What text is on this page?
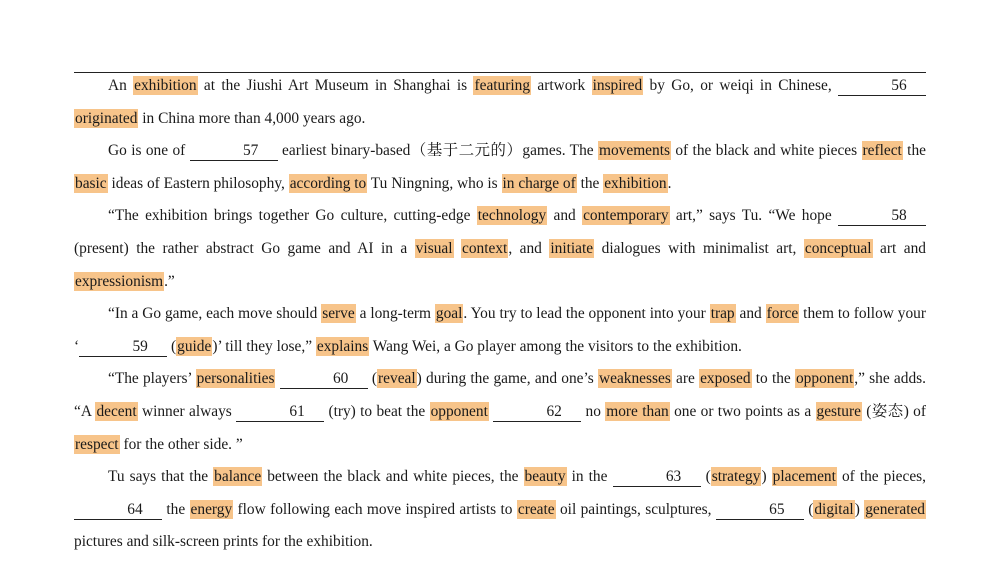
An exhibition at the Jiushi Art Museum in Shanghai is featuring artwork inspired by Go, or weiqi in Chinese,	56 originated in China more than 4,000 years ago.

Go is one of	57 earliest binary-based（基于二元的）games. The movements of the black and white pieces reflect the basic ideas of Eastern philosophy, according to Tu Ningning, who is in charge of the exhibition.

“The exhibition brings together Go culture, cutting-edge technology and contemporary art,” says Tu. “We hope	58 (present) the rather abstract Go game and AI in a visual context, and initiate dialogues with minimalist art, conceptual art and expressionism.”

“In a Go game, each move should serve a long-term goal. You try to lead the opponent into your trap and force them to follow your ‘	59 (guide)’ till they lose,” explains Wang Wei, a Go player among the visitors to the exhibition.

“The players’ personalities	60 (reveal) during the game, and one’s weaknesses are exposed to the opponent,” she adds. “A decent winner always	61 (try) to beat the opponent	62 no more than one or two points as a gesture (姿态) of respect for the other side. ”

Tu says that the balance between the black and white pieces, the beauty in the	63 (strategy) placement of the pieces, 64 the energy flow following each move inspired artists to create oil paintings, sculptures,	65 (digital) generated pictures and silk-screen prints for the exhibition.
